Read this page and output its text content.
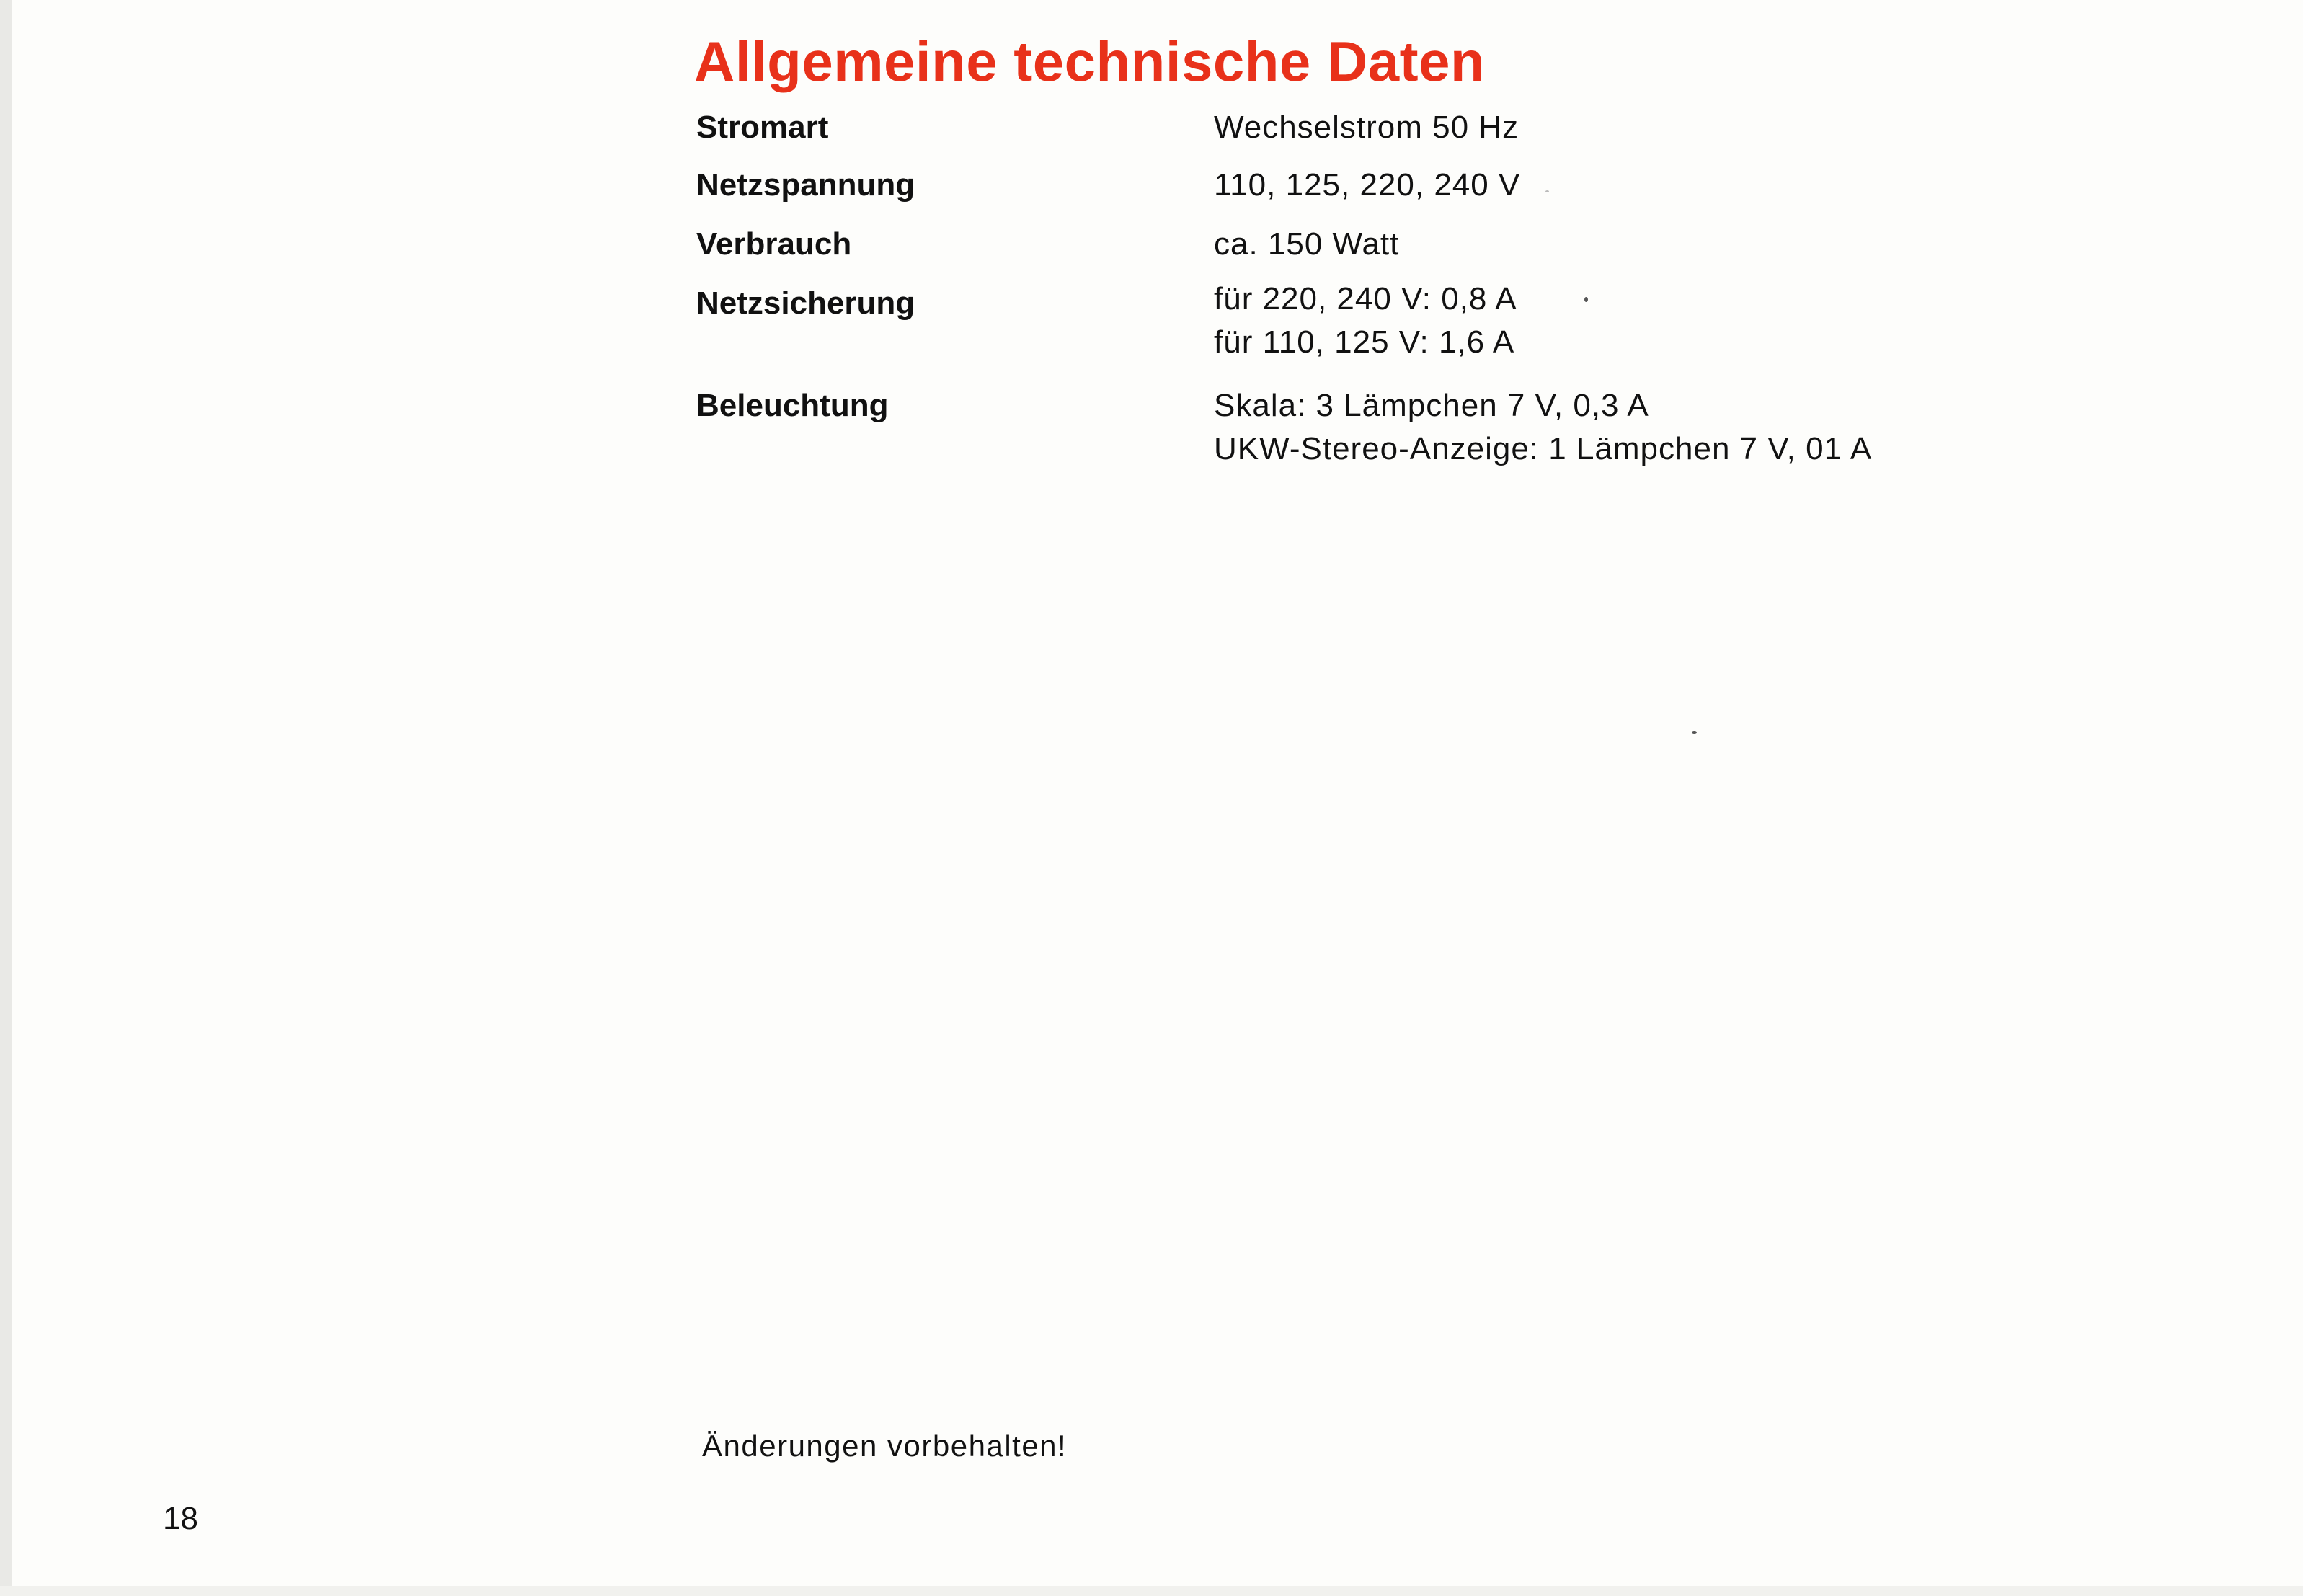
Allgemeine technische Daten
Stromart	Wechselstrom 50 Hz
Netzspannung	110, 125, 220, 240 V
Verbrauch	ca. 150 Watt
Netzsicherung	für 220, 240 V: 0,8 A
für 110, 125 V: 1,6 A
Beleuchtung	Skala: 3 Lämpchen 7 V, 0,3 A
UKW-Stereo-Anzeige: 1 Lämpchen 7 V, 01 A
Änderungen vorbehalten!
18
